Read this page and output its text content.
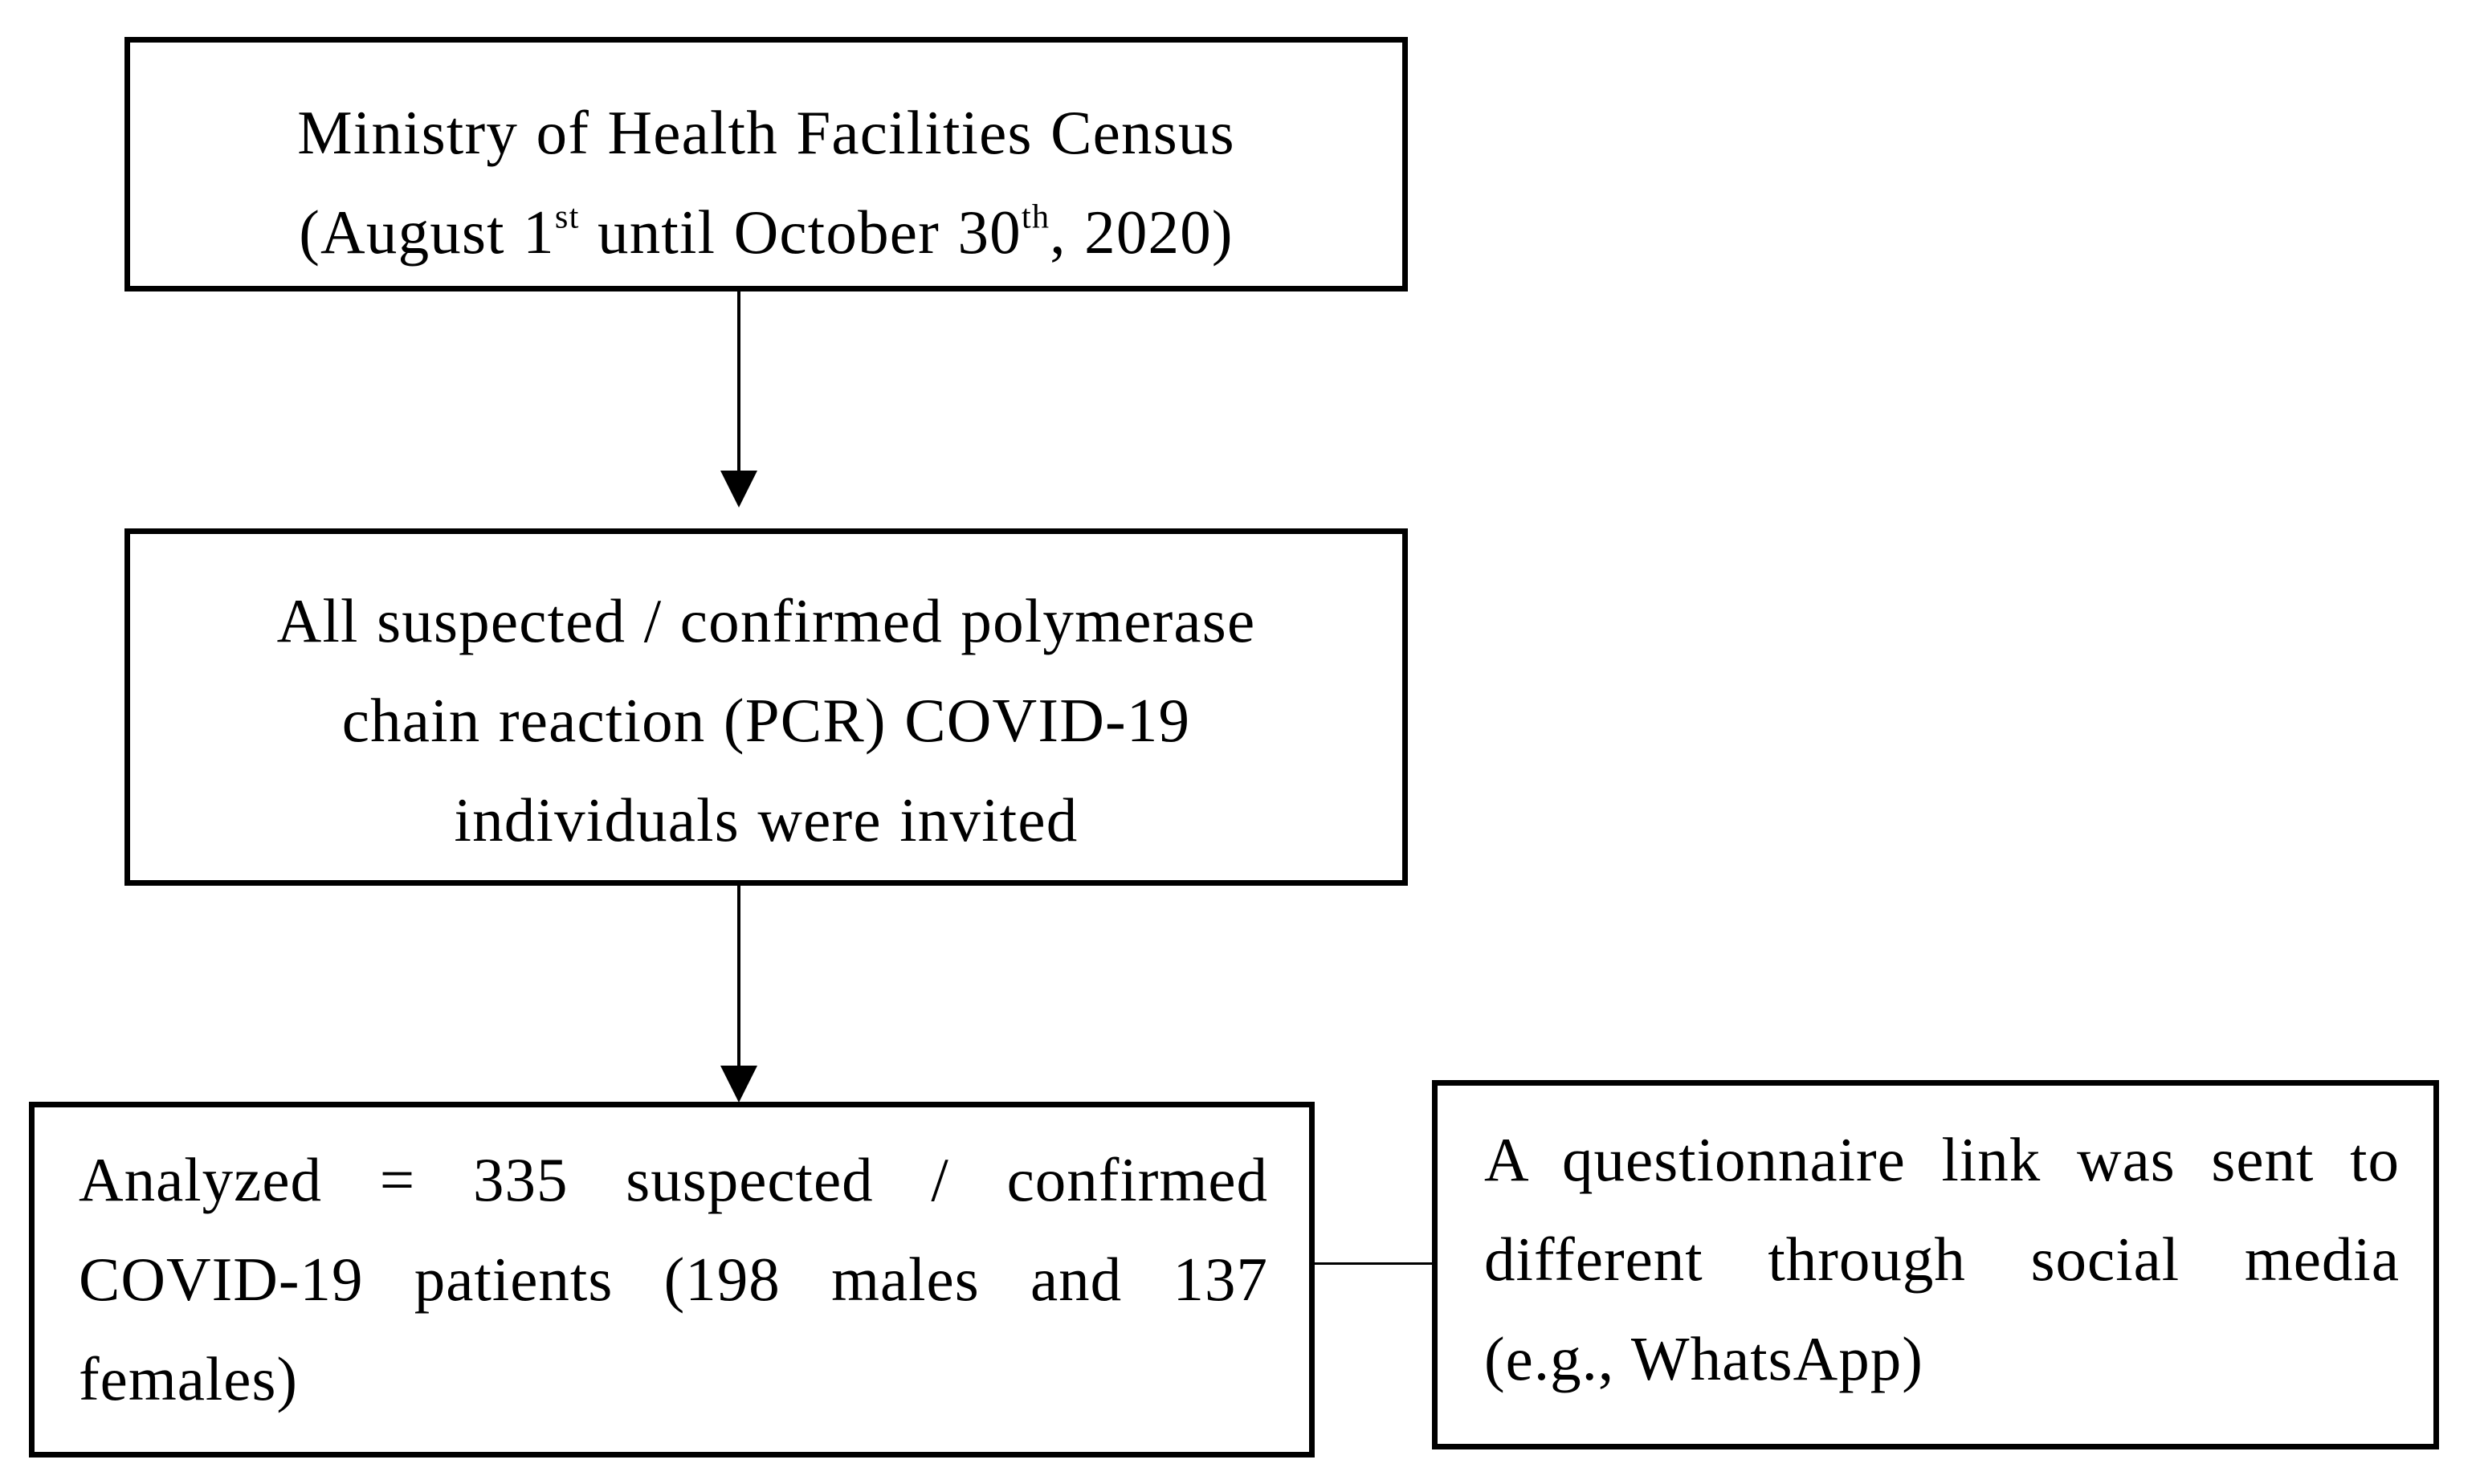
Ministry of Health Facilities Census
(August 1st until October 30th, 2020)
All suspected / confirmed polymerase
chain reaction (PCR) COVID-19
individuals were invited
Analyzed = 335 suspected / confirmed
COVID-19 patients (198 males and 137
females)
A questionnaire link was sent to
different through social media
(e.g., WhatsApp)
